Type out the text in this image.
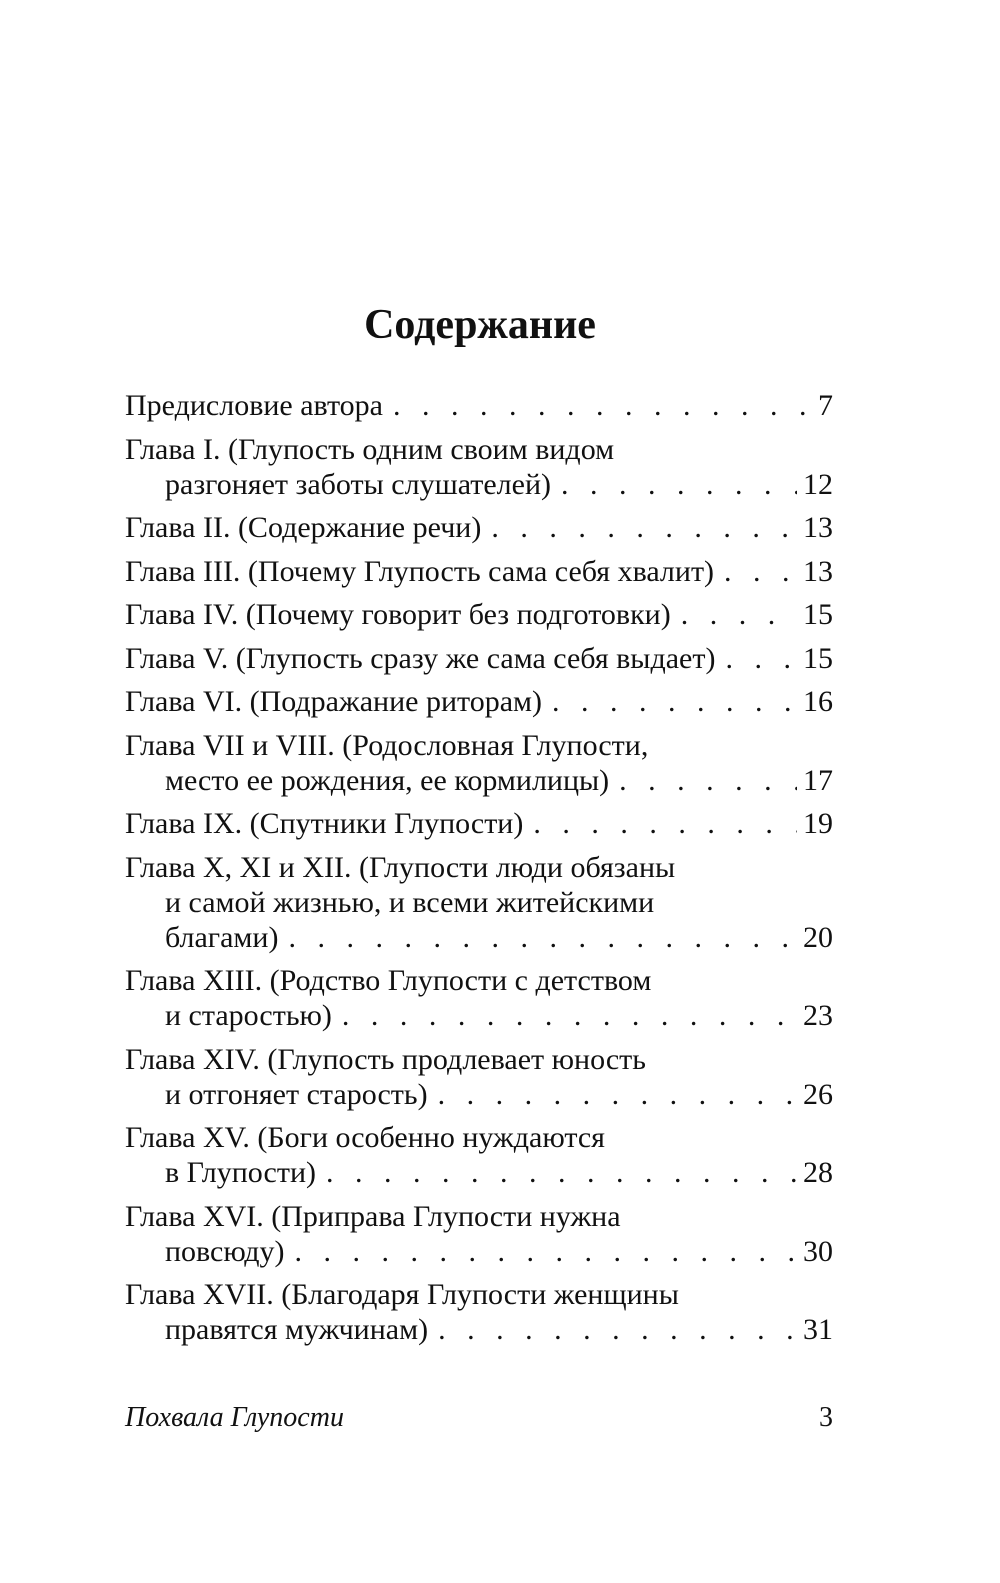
Содержание
Предисловие автора . . .	7
Глава I. (Глупость одним своим видом
разгоняет заботы слушателей) . . .	12
Глава II. (Содержание речи) . . .	13
Глава III. (Почему Глупость сама себя хвалит) . . .	13
Глава IV. (Почему говорит без подготовки) . . .	15
Глава V. (Глупость сразу же сама себя выдает) . . .	15
Глава VI. (Подражание риторам) . . .	16
Глава VII и VIII. (Родословная Глупости,
место ее рождения, ее кормилицы) . . .	17
Глава IX. (Спутники Глупости) . . .	19
Глава X, XI и XII. (Глупости люди обязаны
и самой жизнью, и всеми житейскими
благами) . . .	20
Глава XIII. (Родство Глупости с детством
и старостью) . . .	23
Глава XIV. (Глупость продлевает юность
и отгоняет старость) . . .	26
Глава XV. (Боги особенно нуждаются
в Глупости) . . .	28
Глава XVI. (Приправа Глупости нужна
повсюду) . . .	30
Глава XVII. (Благодаря Глупости женщины
правятся мужчинам) . . .	31
Похвала Глупости	3
